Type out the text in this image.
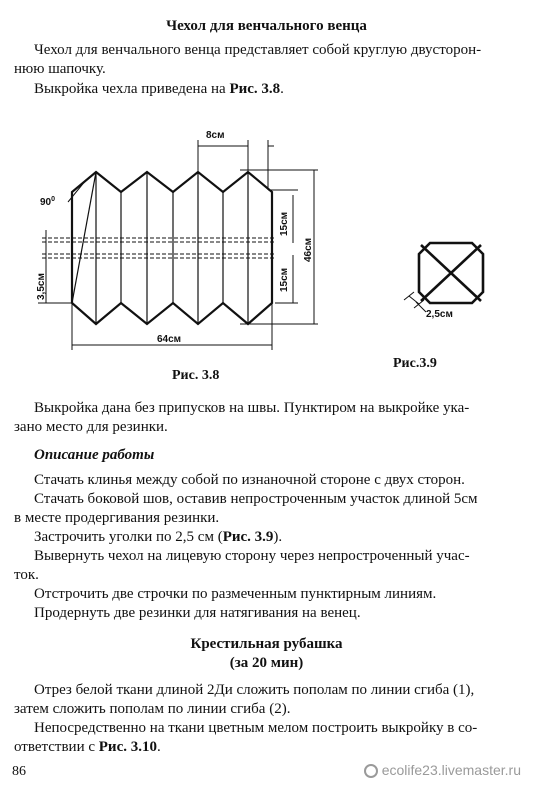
Чехол для венчального венца
Чехол для венчального венца представляет собой круглую двусторон-
нюю шапочку.
Выкройка чехла приведена на Рис. 3.8.
8см
$90^0$
15см
15см
46см
3,5см
64см
2,5см
Рис.3.9
Рис. 3.8
Выкройка дана без припусков на швы. Пунктиром на выкройке ука-
зано место для резинки.
Описание работы
Стачать клинья между собой по изнаночной стороне с двух сторон.
Стачать боковой шов, оставив непростроченным участок длиной 5см
в месте продергивания резинки.
Застрочить уголки по 2,5 см (Рис. 3.9).
Вывернуть чехол на лицевую сторону через непростроченный учас-
ток.
Отстрочить две строчки по размеченным пунктирным линиям.
Продернуть две резинки для натягивания на венец.
Крестильная рубашка
(за 20 мин)
Отрез белой ткани длиной 2Ди сложить пополам по линии сгиба (1),
затем сложить пополам по линии сгиба (2).
Непосредственно на ткани цветным мелом построить выкройку в со-
ответствии с Рис. 3.10.
86	ecolife23.livemaster.ru
